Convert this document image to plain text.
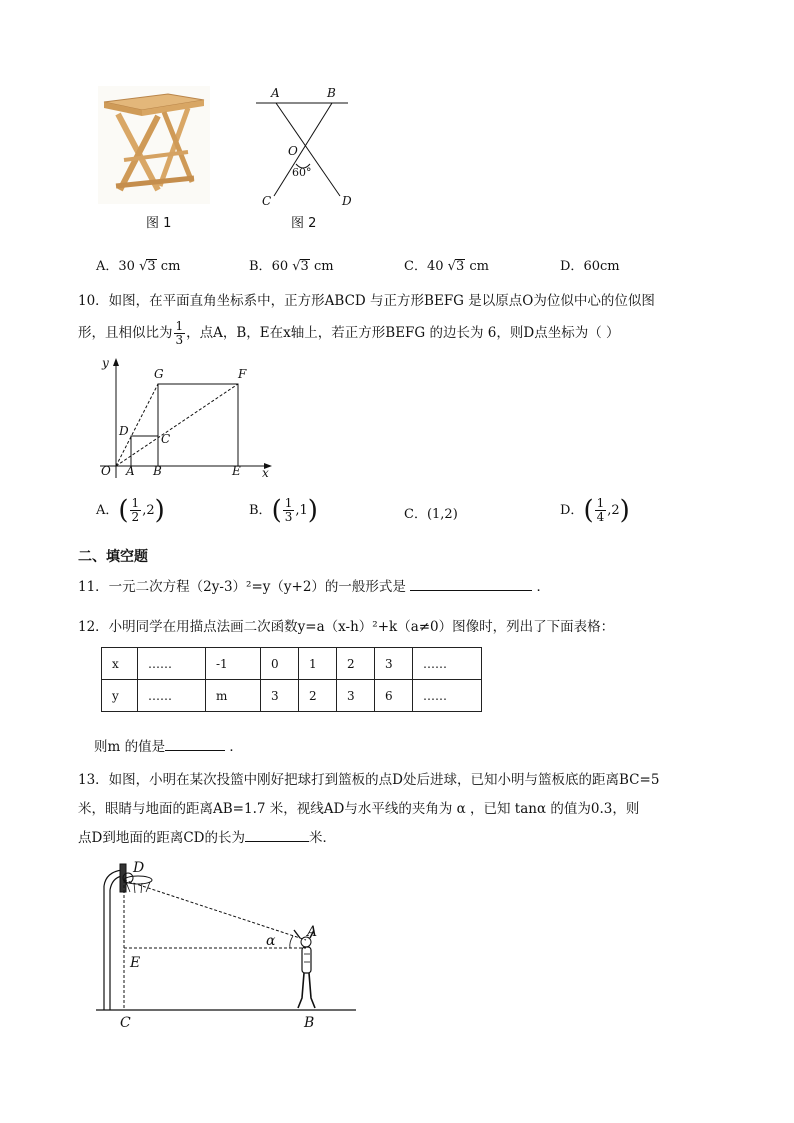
图 1
A	B
O
60°
C	D
图 2
A．30 √3 cm	B．60 √3 cm	C．40 √3 cm	D．60cm
10．如图，在平面直角坐标系中，正方形ABCD 与正方形BEFG 是以原点O为位似中心的位似图
形，且相似比为 $\frac{1}{3}$ ，点A，B，E在x轴上，若正方形BEFG 的边长为 6，则D点坐标为（ ）
y
x
O A B	E
D
C
G	F
A．( $\frac{1}{2} ,2$)	B．( $\frac{1}{3} ,1$)	C．(1,2)	D．( $\frac{1}{4} ,2$)
二、填空题
11．一元二次方程（2y-3）²=y（y+2）的一般形式是	．
12．小明同学在用描点法画二次函数y=a（x-h）²+k（a≠0）图像时，列出了下面表格：
x	……	-1	0	1	2	3	……
y	……	m	3	2	3	6	……
则m 的值是	．
13．如图，小明在某次投篮中刚好把球打到篮板的点D处后进球，已知小明与篮板底的距离BC=5
米，眼睛与地面的距离AB=1.7 米，视线AD与水平线的夹角为 α ，已知 tanα 的值为0.3，则
点D到地面的距离CD的长为	米．
D
A
α
E
C	B
